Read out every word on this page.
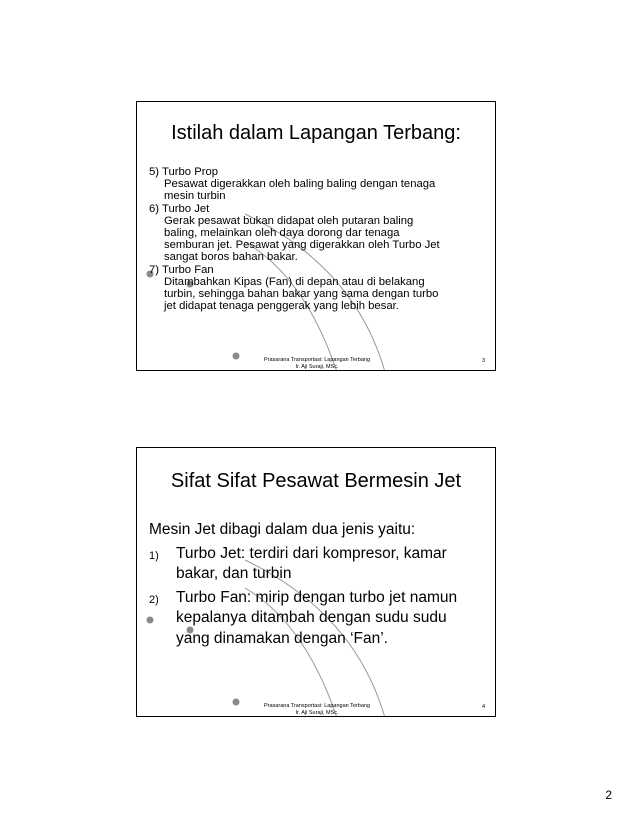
Istilah dalam Lapangan Terbang:
5) Turbo Prop
Pesawat digerakkan oleh baling baling dengan tenaga
mesin turbin
6) Turbo Jet
Gerak pesawat bukan didapat oleh putaran baling
baling, melainkan oleh daya dorong dar tenaga
semburan jet. Pesawat yang digerakkan oleh Turbo Jet
sangat boros bahan bakar.
7) Turbo Fan
Ditambahkan Kipas (Fan) di depan atau di belakang
turbin, sehingga bahan bakar yang sama dengan turbo
jet didapat tenaga penggerak yang lebih besar.
Prasarana Transportasi: Lapangan Terbang
Ir. Aji Suraji, MSc.
3
Sifat Sifat Pesawat Bermesin Jet
Mesin Jet dibagi dalam dua jenis yaitu:
1) Turbo Jet: terdiri dari kompresor, kamar
bakar, dan turbin
2) Turbo Fan: mirip dengan turbo jet namun
kepalanya ditambah dengan sudu sudu
yang dinamakan dengan ‘Fan’.
Prasarana Transportasi: Lapangan Terbang
Ir. Aji Suraji, MSc.
4
2
